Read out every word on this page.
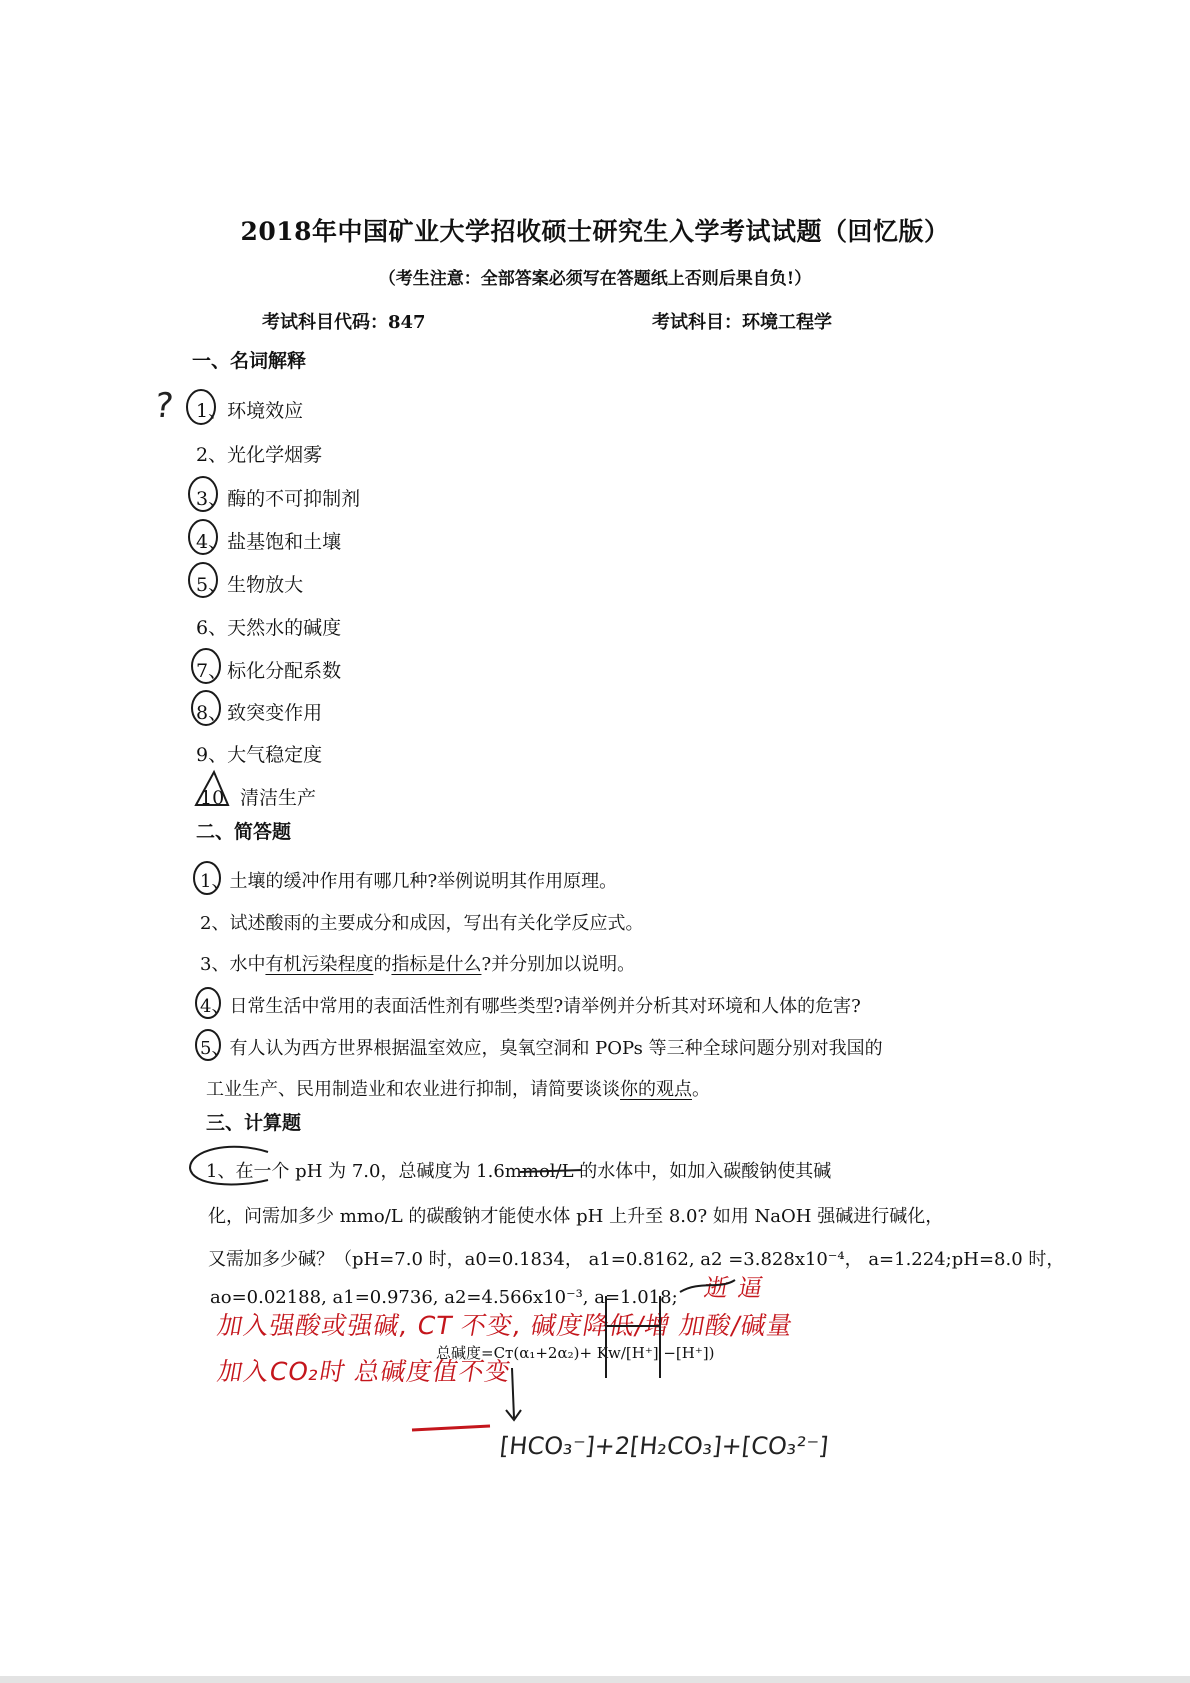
2018年中国矿业大学招收硕士研究生入学考试试题（回忆版）
（考生注意：全部答案必须写在答题纸上否则后果自负!）
考试科目代码：847	考试科目：环境工程学
一、名词解释
1、环境效应
2、光化学烟雾
3、酶的不可抑制剂
4、盐基饱和土壤
5、生物放大
6、天然水的碱度
7、标化分配系数
8、致突变作用
9、大气稳定度
10 清洁生产
二、简答题
1、土壤的缓冲作用有哪几种?举例说明其作用原理。
2、试述酸雨的主要成分和成因，写出有关化学反应式。
3、水中有机污染程度的指标是什么?并分别加以说明。
4、日常生活中常用的表面活性剂有哪些类型?请举例并分析其对环境和人体的危害?
5、有人认为西方世界根据温室效应，臭氧空洞和 POPs 等三种全球问题分别对我国的
工业生产、民用制造业和农业进行抑制，请简要谈谈你的观点。
三、计算题
1、在一个 pH 为 7.0，总碱度为 1.6mmol/L 的水体中，如加入碳酸钠使其碱
化，问需加多少 mmo/L 的碳酸钠才能使水体 pH 上升至 8.0? 如用 NaOH 强碱进行碱化，
又需加多少碱？（pH=7.0 时，a0=0.1834， a1=0.8162, a2 =3.828x10⁻⁴， a=1.224;pH=8.0 时，
ao=0.02188, a1=0.9736, a2=4.566x10⁻³, a=1.018; 逝 逼
加入强酸或强碱, CT 不变, 碱度降低/增 加酸/碱量
总碱度=Cт(α₁+2α₂)+ Kw/[H⁺] −[H⁺])
加入CO₂时 总碱度值不变
[HCO₃⁻]+2[H₂CO₃]+[CO₃²⁻]
?
